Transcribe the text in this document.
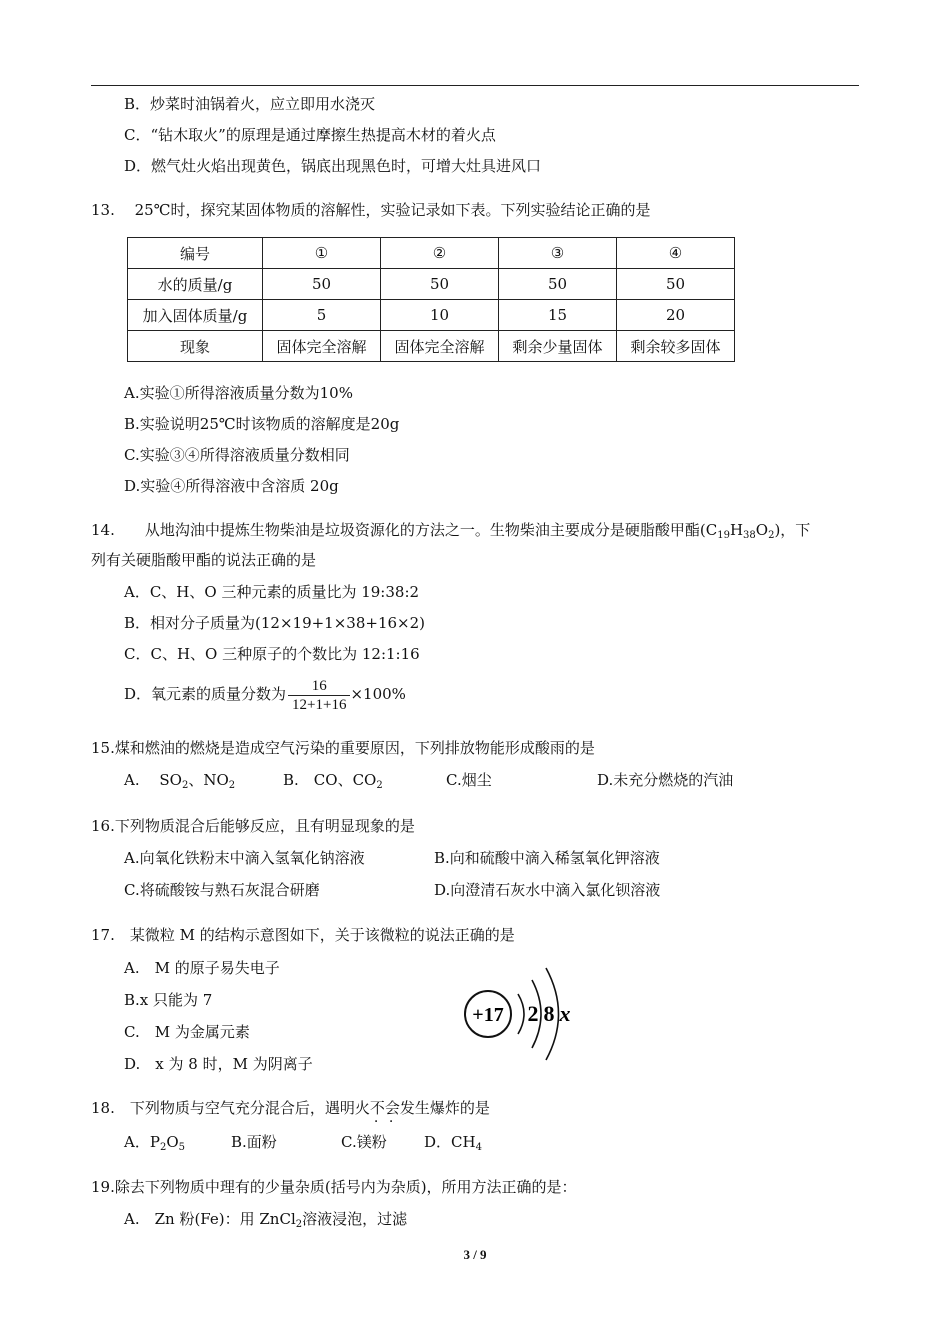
B．炒菜时油锅着火，应立即用水浇灭
C．“钻木取火”的原理是通过摩擦生热提高木材的着火点
D．燃气灶火焰出现黄色，锅底出现黑色时，可增大灶具进风口
13.　 25℃时，探究某固体物质的溶解性，实验记录如下表。下列实验结论正确的是
编号	①	②	③	④
水的质量/g	50	50	50	50
加入固体质量/g	5	10	15	20
现象	固体完全溶解	固体完全溶解	剩余少量固体	剩余较多固体
A.实验①所得溶液质量分数为10%
B.实验说明25℃时该物质的溶解度是20g
C.实验③④所得溶液质量分数相同
D.实验④所得溶液中含溶质 20g
14.　　从地沟油中提炼生物柴油是垃圾资源化的方法之一。生物柴油主要成分是硬脂酸甲酯$(C_{19}H_{38}O_2)$，下
列有关硬脂酸甲酯的说法正确的是
A．C、H、O 三种元素的质量比为 19:38:2
B．相对分子质量为(12×19+1×38+16×2)
C．C、H、O 三种原子的个数比为 12:1:16
D．氧元素的质量分数为 $\frac{16}{12+1+16} \times 100\%$
15.煤和燃油的燃烧是造成空气污染的重要原因，下列排放物能形成酸雨的是
A.　 $SO_2$、$NO_2$	B.　CO、$CO_2$	C.烟尘	D.未充分燃烧的汽油
16.下列物质混合后能够反应，且有明显现象的是
A.向氧化铁粉末中滴入氢氧化钠溶液	B.向和硫酸中滴入稀氢氧化钾溶液
C.将硫酸铵与熟石灰混合研磨	D.向澄清石灰水中滴入氯化钡溶液
17.　某微粒 M 的结构示意图如下，关于该微粒的说法正确的是
A.　M 的原子易失电子
B.x 只能为 7
C.　M 为金属元素
D.　x 为 8 时，M 为阴离子
+17 2 8 x
18.　下列物质与空气充分混合后，遇明火不会发生爆炸的是
A．$P_2O_5$	B.面粉	C.镁粉 D．$CH_4$
19.除去下列物质中理有的少量杂质(括号内为杂质)，所用方法正确的是：
A.　Zn 粉(Fe)：用 ZnCl$_2$溶液浸泡，过滤
3 / 9
